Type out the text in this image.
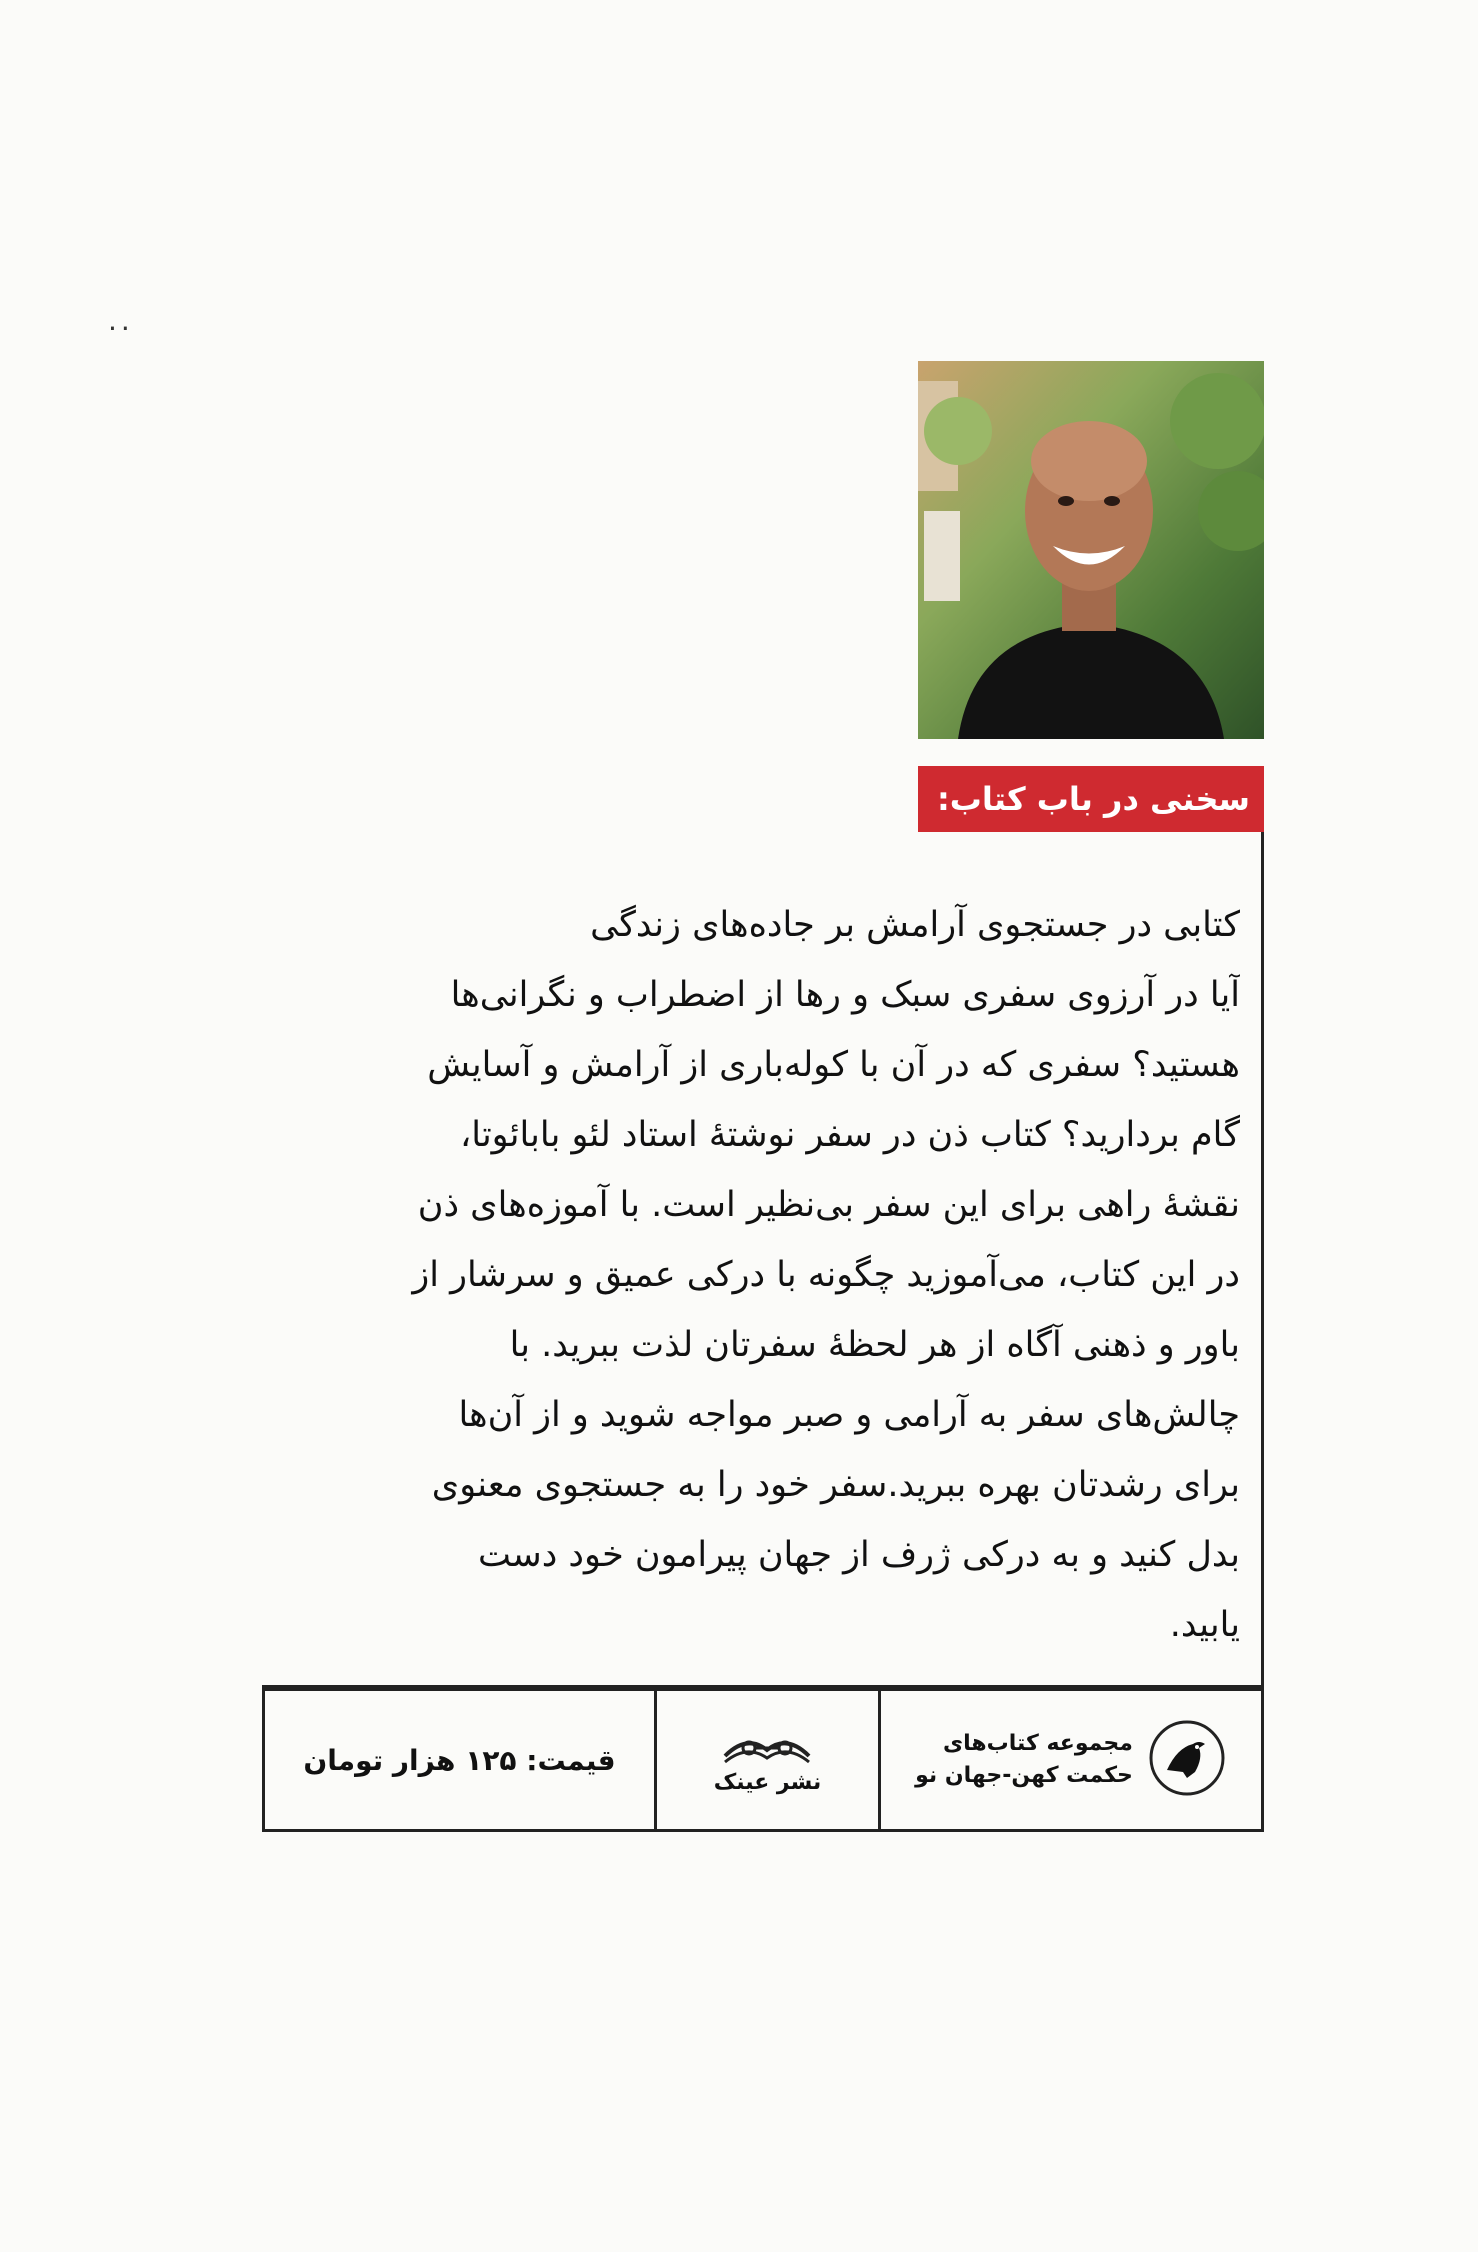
..
سخنی در باب کتاب:
کتابی در جستجوی آرامش بر جاده‌های زندگی
آیا در آرزوی سفری سبک و رها از اضطراب و نگرانی‌ها
هستید؟ سفری که در آن با کوله‌باری از آرامش و آسایش
گام بردارید؟ کتاب ذن در سفر نوشتهٔ استاد لئو بابائوتا،
نقشهٔ راهی برای این سفر بی‌نظیر است. با آموزه‌های ذن
در این کتاب، می‌آموزید چگونه با درکی عمیق و سرشار از
باور و ذهنی آگاه از هر لحظهٔ سفرتان لذت ببرید. با
چالش‌های سفر به آرامی و صبر مواجه شوید و از آن‌ها
برای رشدتان بهره ببرید.سفر خود را به جستجوی معنوی
بدل کنید و به درکی ژرف از جهان پیرامون خود دست
یابید.
قیمت: ۱۲۵ هزار تومان
نشر عینک
مجموعه کتاب‌های
حکمت کهن-جهان نو
